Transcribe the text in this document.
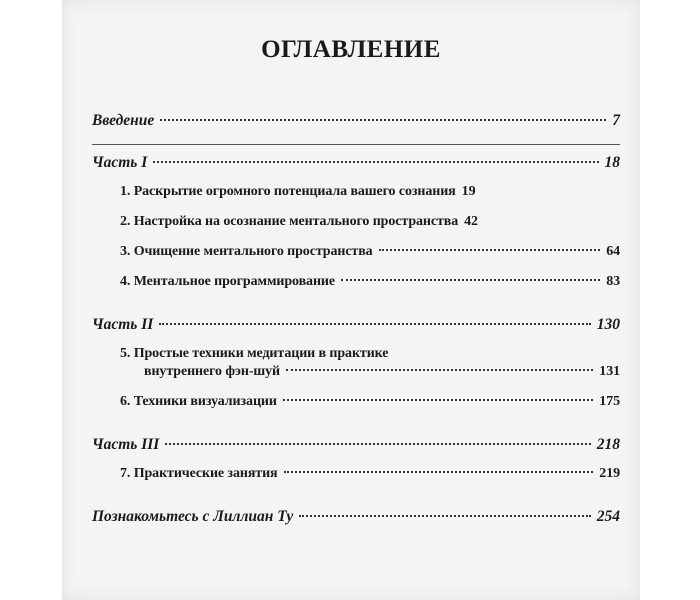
ОГЛАВЛЕНИЕ
Введение	7
Часть I	18
1. Раскрытие огромного потенциала вашего сознания 19
2. Настройка на осознание ментального пространства 42
3. Очищение ментального пространства	64
4. Ментальное программирование	83
Часть II	130
5. Простые техники медитации в практике
внутреннего фэн-шуй	131
6. Техники визуализации	175
Часть III	218
7. Практические занятия	219
Познакомьтесь с Лиллиан Ту	254
